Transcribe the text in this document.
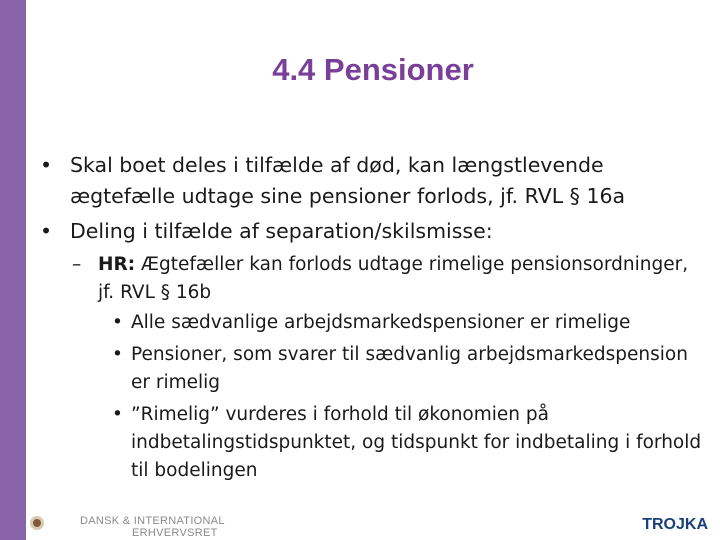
4.4 Pensioner
• Skal boet deles i tilfælde af død, kan længstlevende ægtefælle udtage sine pensioner forlods, jf. RVL § 16a
• Deling i tilfælde af separation/skilsmisse:
– HR: Ægtefæller kan forlods udtage rimelige pensionsordninger, jf. RVL § 16b
• Alle sædvanlige arbejdsmarkedspensioner er rimelige
• Pensioner, som svarer til sædvanlig arbejdsmarkedspension er rimelig
• ”Rimelig” vurderes i forhold til økonomien på indbetalingstidspunktet, og tidspunkt for indbetaling i forhold til bodelingen
DANSK & INTERNATIONAL
ERHVERVSRET	TROJKA
